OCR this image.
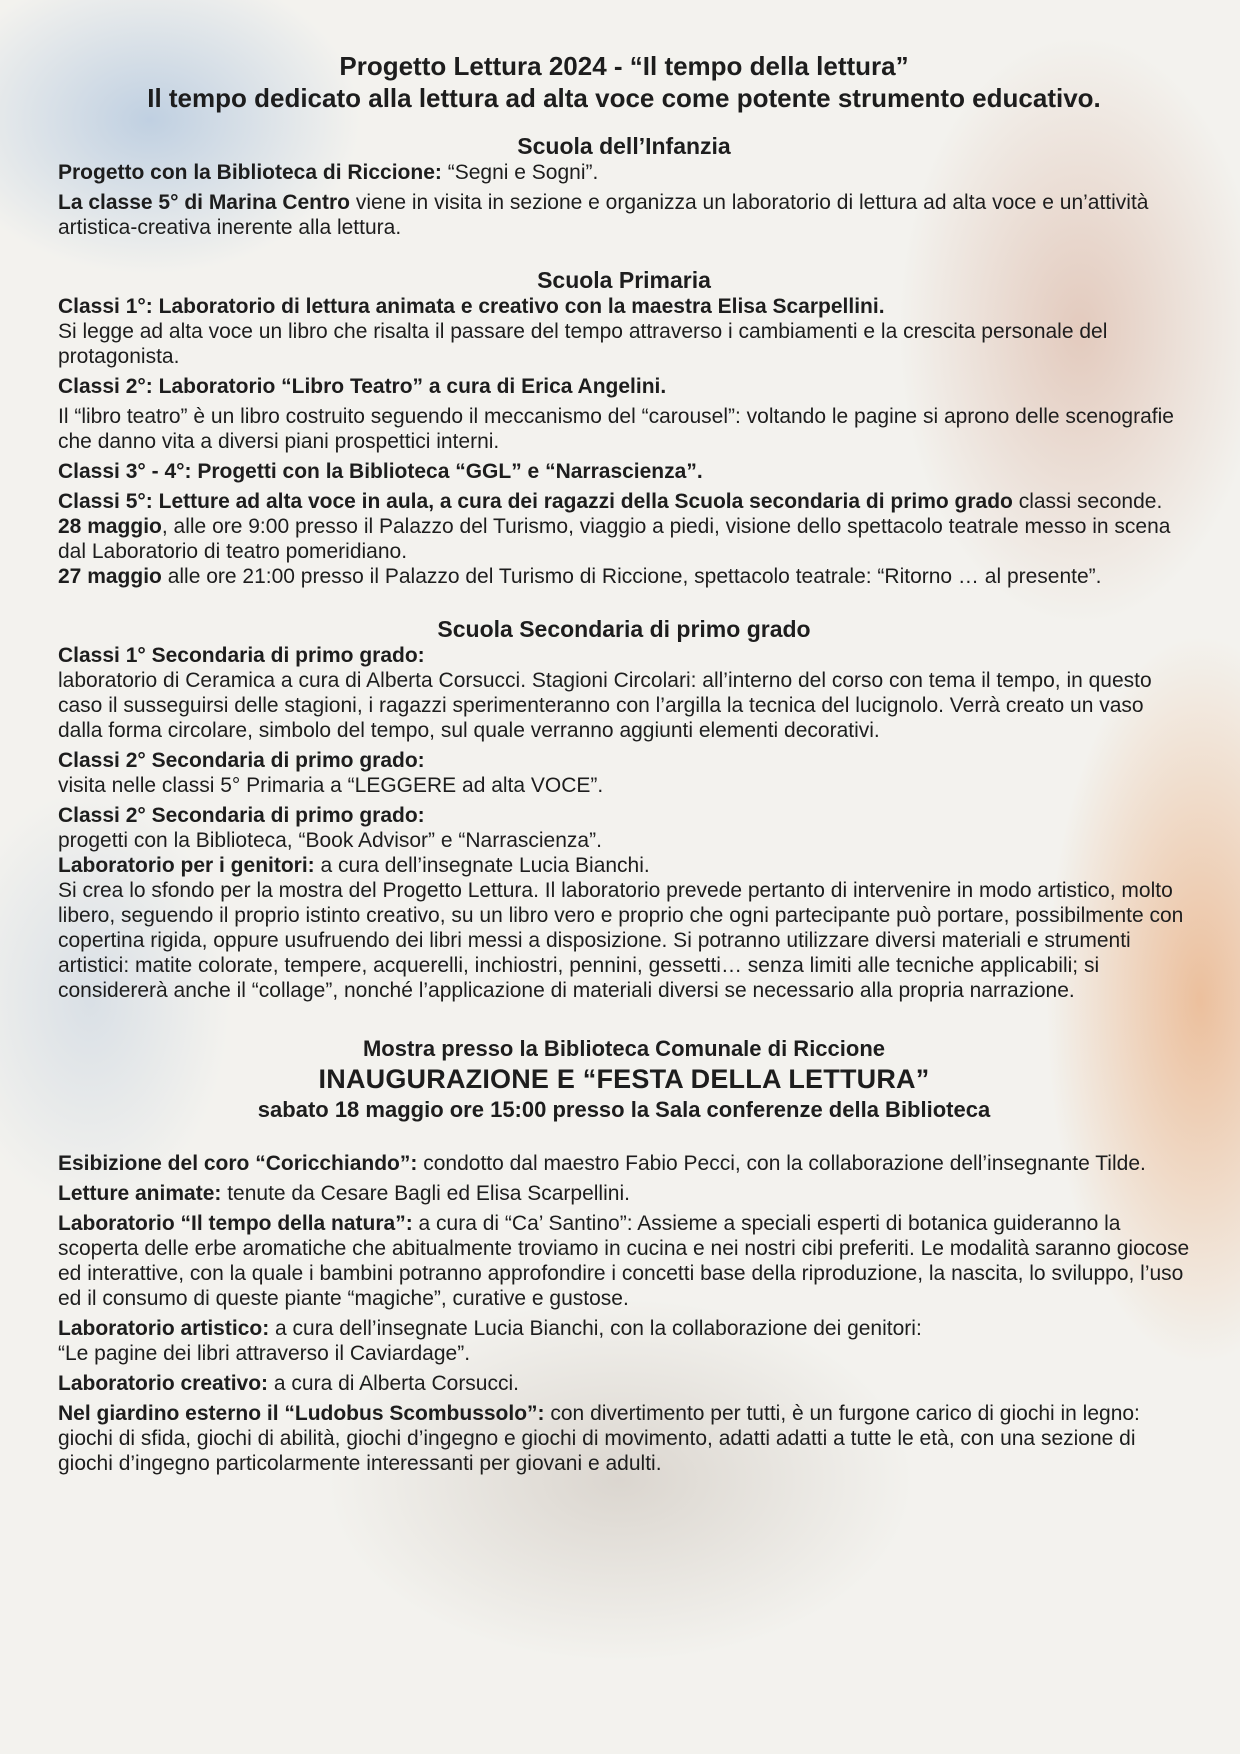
Progetto Lettura 2024 - “Il tempo della lettura”
Il tempo dedicato alla lettura ad alta voce come potente strumento educativo.
Scuola dell’Infanzia

Progetto con la Biblioteca di Riccione: “Segni e Sogni”.

La classe 5° di Marina Centro viene in visita in sezione e organizza un laboratorio di lettura ad alta voce e un’attività artistica-creativa inerente alla lettura.

Scuola Primaria

Classi 1°: Laboratorio di lettura animata e creativo con la maestra Elisa Scarpellini.

Si legge ad alta voce un libro che risalta il passare del tempo attraverso i cambiamenti e la crescita personale del protagonista.

Classi 2°: Laboratorio “Libro Teatro” a cura di Erica Angelini.

Il “libro teatro” è un libro costruito seguendo il meccanismo del “carousel”: voltando le pagine si aprono delle scenografie che danno vita a diversi piani prospettici interni.

Classi 3° - 4°: Progetti con la Biblioteca “GGL” e “Narrascienza”.

Classi 5°: Letture ad alta voce in aula, a cura dei ragazzi della Scuola secondaria di primo grado classi seconde.

28 maggio, alle ore 9:00 presso il Palazzo del Turismo, viaggio a piedi, visione dello spettacolo teatrale messo in scena dal Laboratorio di teatro pomeridiano.

27 maggio alle ore 21:00 presso il Palazzo del Turismo di Riccione, spettacolo teatrale: “Ritorno … al presente”.

Scuola Secondaria di primo grado

Classi 1° Secondaria di primo grado:

laboratorio di Ceramica a cura di Alberta Corsucci. Stagioni Circolari: all’interno del corso con tema il tempo, in questo caso il susseguirsi delle stagioni, i ragazzi sperimenteranno con l’argilla la tecnica del lucignolo. Verrà creato un vaso dalla forma circolare, simbolo del tempo, sul quale verranno aggiunti elementi decorativi.

Classi 2° Secondaria di primo grado:

visita nelle classi 5° Primaria a “LEGGERE ad alta VOCE”.

Classi 2° Secondaria di primo grado:

progetti con la Biblioteca, “Book Advisor” e “Narrascienza”.

Laboratorio per i genitori: a cura dell’insegnate Lucia Bianchi.

Si crea lo sfondo per la mostra del Progetto Lettura. Il laboratorio prevede pertanto di intervenire in modo artistico, molto libero, seguendo il proprio istinto creativo, su un libro vero e proprio che ogni partecipante può portare, possibilmente con copertina rigida, oppure usufruendo dei libri messi a disposizione. Si potranno utilizzare diversi materiali e strumenti artistici: matite colorate, tempere, acquerelli, inchiostri, pennini, gessetti… senza limiti alle tecniche applicabili; si considererà anche il “collage”, nonché l’applicazione di materiali diversi se necessario alla propria narrazione.

Mostra presso la Biblioteca Comunale di Riccione
INAUGURAZIONE E “FESTA DELLA LETTURA”
sabato 18 maggio ore 15:00 presso la Sala conferenze della Biblioteca

Esibizione del coro “Coricchiando”: condotto dal maestro Fabio Pecci, con la collaborazione dell’insegnante Tilde.

Letture animate: tenute da Cesare Bagli ed Elisa Scarpellini.

Laboratorio “Il tempo della natura”: a cura di “Ca’ Santino”: Assieme a speciali esperti di botanica guideranno la scoperta delle erbe aromatiche che abitualmente troviamo in cucina e nei nostri cibi preferiti. Le modalità saranno giocose ed interattive, con la quale i bambini potranno approfondire i concetti base della riproduzione, la nascita, lo sviluppo, l’uso ed il consumo di queste piante “magiche”, curative e gustose.

Laboratorio artistico: a cura dell’insegnate Lucia Bianchi, con la collaborazione dei genitori:

“Le pagine dei libri attraverso il Caviardage”.

Laboratorio creativo: a cura di Alberta Corsucci.

Nel giardino esterno il “Ludobus Scombussolo”: con divertimento per tutti, è un furgone carico di giochi in legno: giochi di sfida, giochi di abilità, giochi d’ingegno e giochi di movimento, adatti adatti a tutte le età, con una sezione di giochi d’ingegno particolarmente interessanti per giovani e adulti.
